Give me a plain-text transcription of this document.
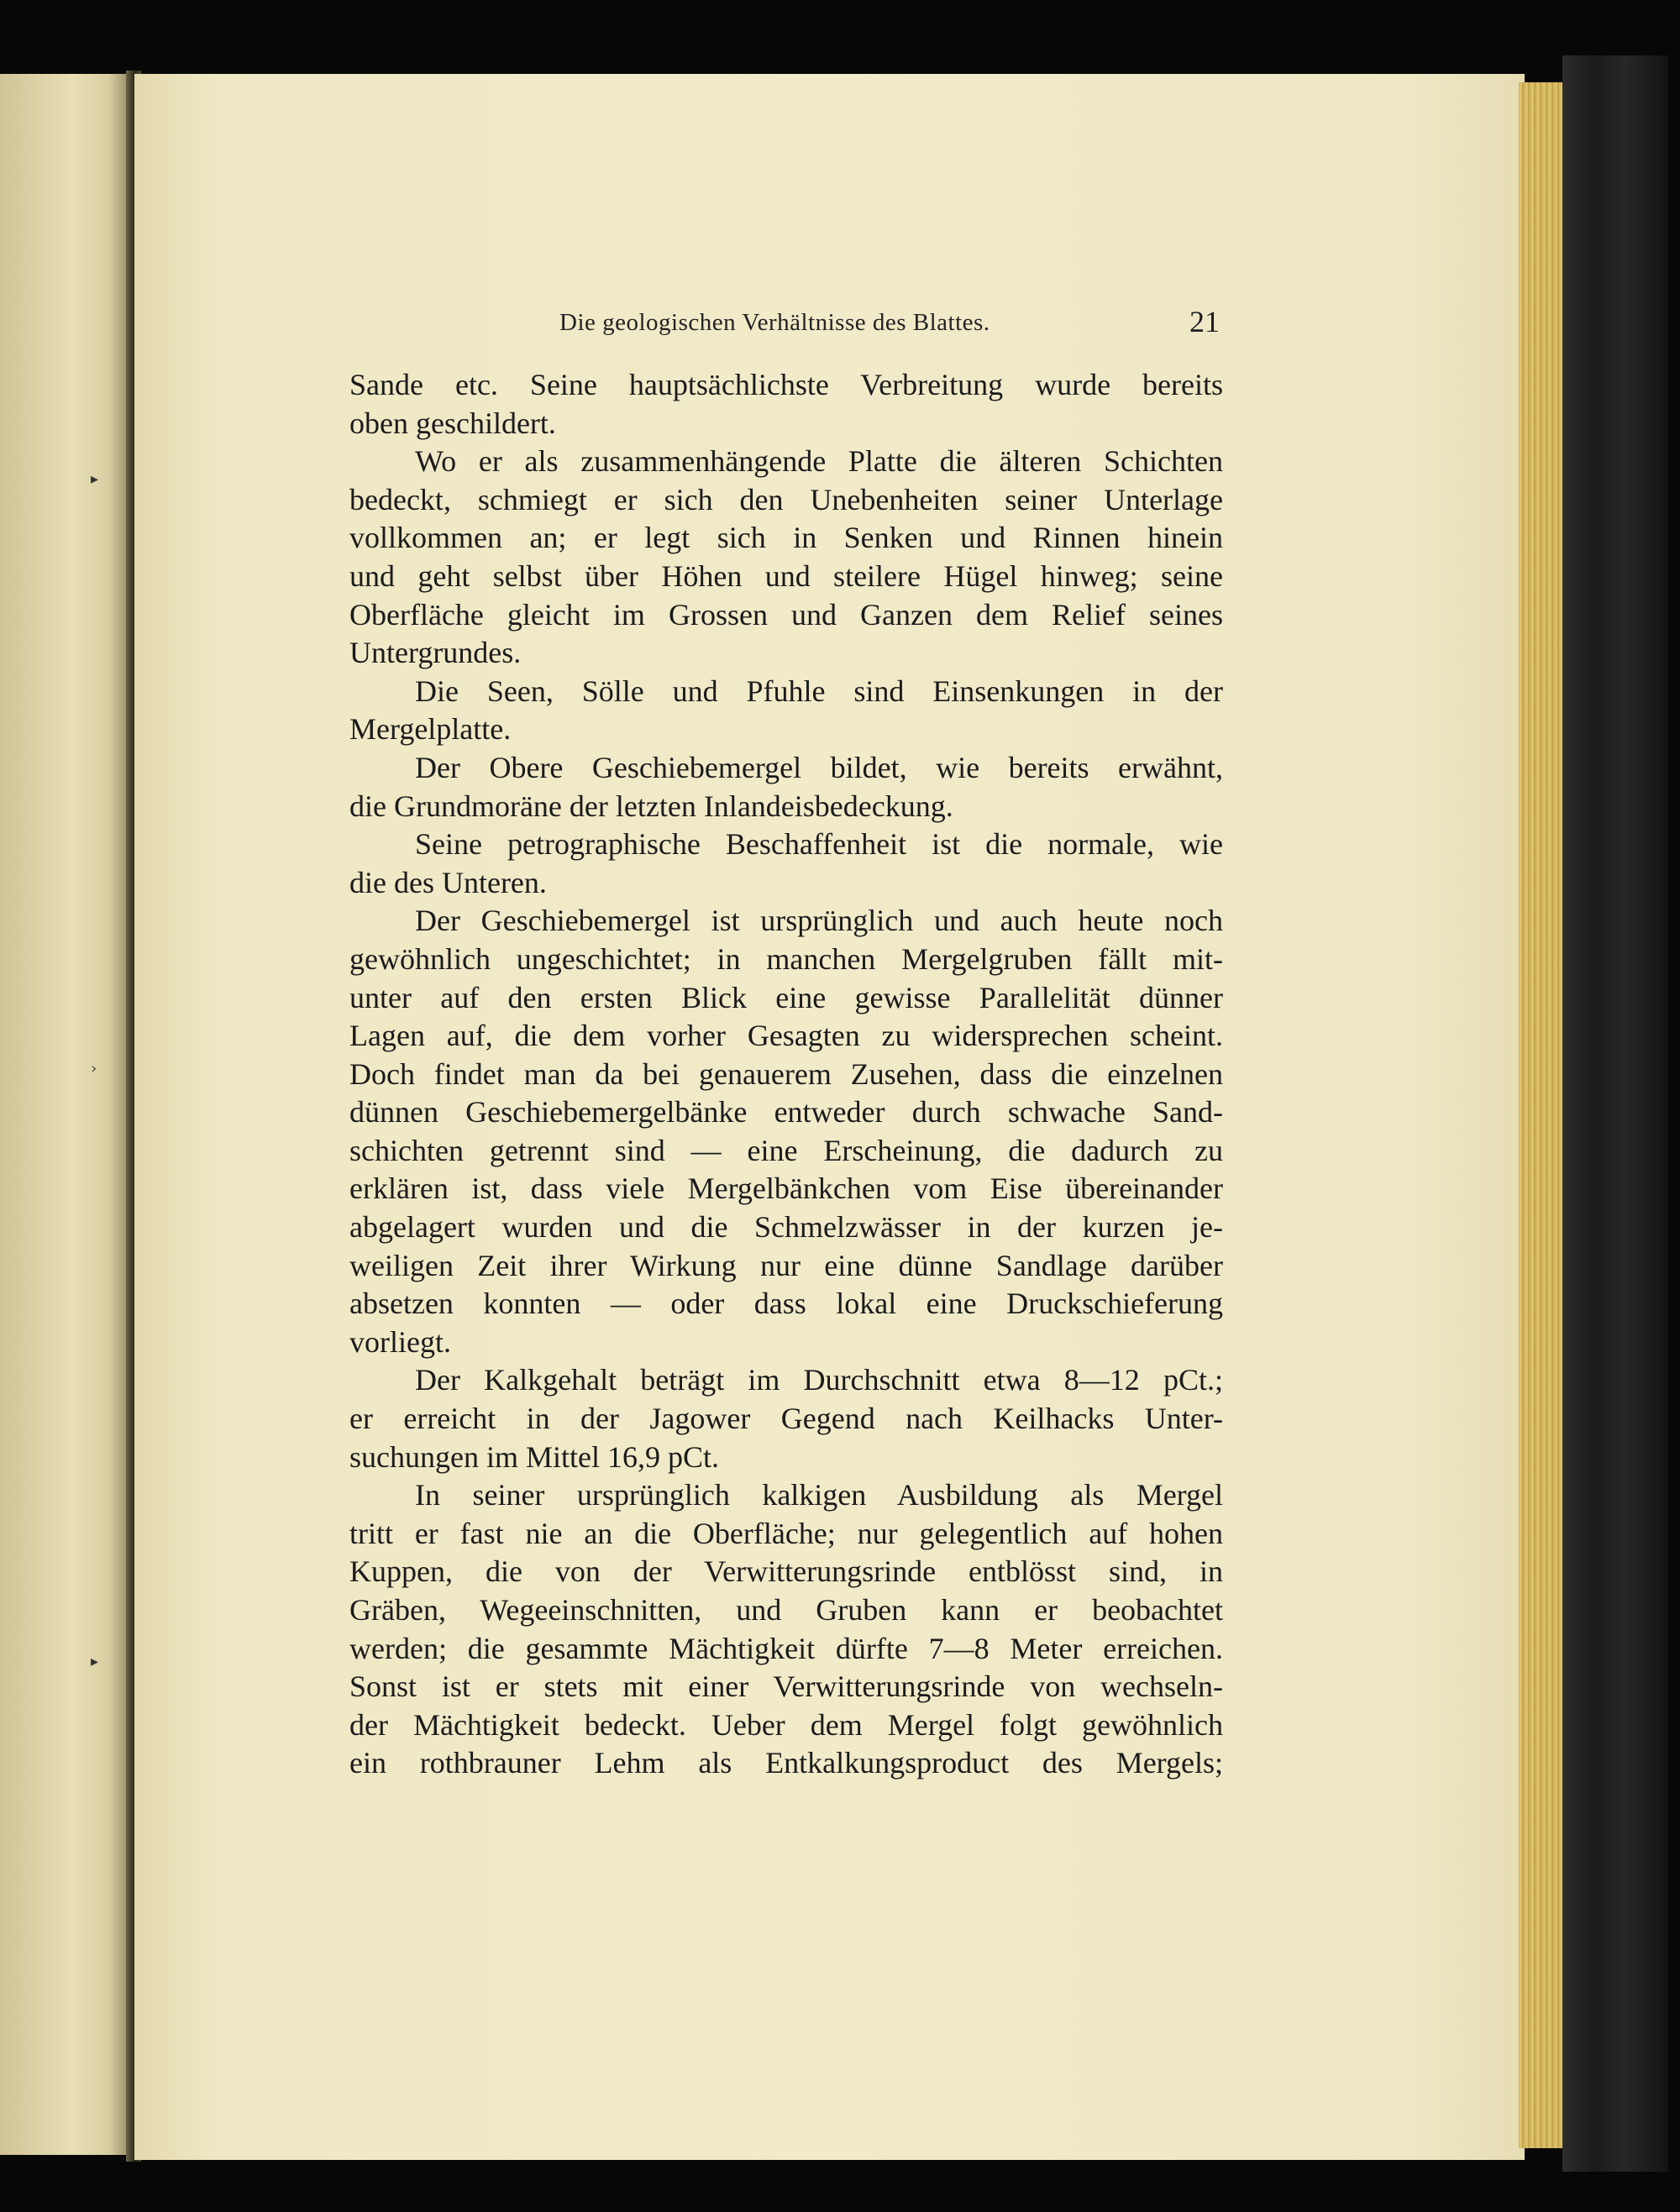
▸
›
▸
Die geologischen Verhältnisse des Blattes.	21
Sande etc. Seine hauptsächlichste Verbreitung wurde bereits
oben geschildert.
Wo er als zusammenhängende Platte die älteren Schichten
bedeckt, schmiegt er sich den Unebenheiten seiner Unterlage
vollkommen an; er legt sich in Senken und Rinnen hinein
und geht selbst über Höhen und steilere Hügel hinweg; seine
Oberfläche gleicht im Grossen und Ganzen dem Relief seines
Untergrundes.
Die Seen, Sölle und Pfuhle sind Einsenkungen in der
Mergelplatte.
Der Obere Geschiebemergel bildet, wie bereits erwähnt,
die Grundmoräne der letzten Inlandeisbedeckung.
Seine petrographische Beschaffenheit ist die normale, wie
die des Unteren.
Der Geschiebemergel ist ursprünglich und auch heute noch
gewöhnlich ungeschichtet; in manchen Mergelgruben fällt mit-
unter auf den ersten Blick eine gewisse Parallelität dünner
Lagen auf, die dem vorher Gesagten zu widersprechen scheint.
Doch findet man da bei genauerem Zusehen, dass die einzelnen
dünnen Geschiebemergelbänke entweder durch schwache Sand-
schichten getrennt sind — eine Erscheinung, die dadurch zu
erklären ist, dass viele Mergelbänkchen vom Eise übereinander
abgelagert wurden und die Schmelzwässer in der kurzen je-
weiligen Zeit ihrer Wirkung nur eine dünne Sandlage darüber
absetzen konnten — oder dass lokal eine Druckschieferung
vorliegt.
Der Kalkgehalt beträgt im Durchschnitt etwa 8—12 pCt.;
er erreicht in der Jagower Gegend nach Keilhacks Unter-
suchungen im Mittel 16,9 pCt.
In seiner ursprünglich kalkigen Ausbildung als Mergel
tritt er fast nie an die Oberfläche; nur gelegentlich auf hohen
Kuppen, die von der Verwitterungsrinde entblösst sind, in
Gräben, Wegeeinschnitten, und Gruben kann er beobachtet
werden; die gesammte Mächtigkeit dürfte 7—8 Meter erreichen.
Sonst ist er stets mit einer Verwitterungsrinde von wechseln-
der Mächtigkeit bedeckt. Ueber dem Mergel folgt gewöhnlich
ein rothbrauner Lehm als Entkalkungsproduct des Mergels;
